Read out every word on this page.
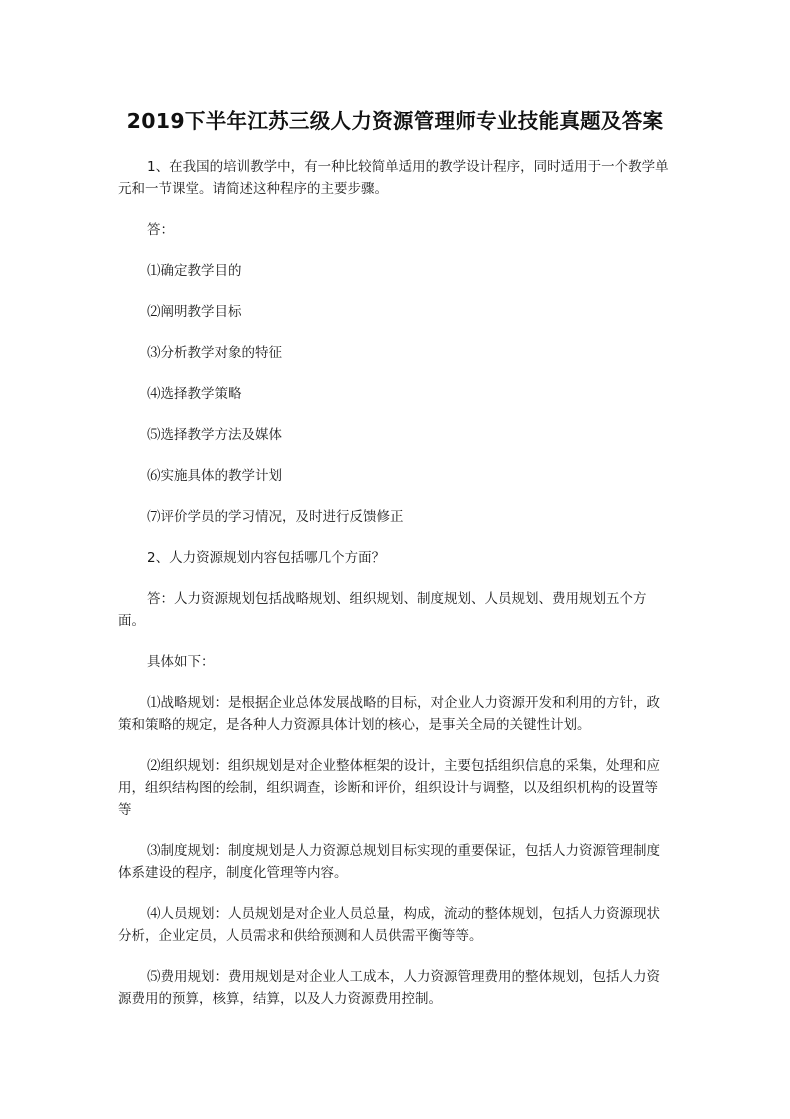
2019下半年江苏三级人力资源管理师专业技能真题及答案

1、在我国的培训教学中，有一种比较简单适用的教学设计程序，同时适用于一个教学单元和一节课堂。请简述这种程序的主要步骤。

答：

⑴确定教学目的

⑵阐明教学目标

⑶分析教学对象的特征

⑷选择教学策略

⑸选择教学方法及媒体

⑹实施具体的教学计划

⑺评价学员的学习情况，及时进行反馈修正

2、人力资源规划内容包括哪几个方面？

答：人力资源规划包括战略规划、组织规划、制度规划、人员规划、费用规划五个方面。

具体如下：

⑴战略规划：是根据企业总体发展战略的目标，对企业人力资源开发和利用的方针，政策和策略的规定，是各种人力资源具体计划的核心，是事关全局的关键性计划。

⑵组织规划：组织规划是对企业整体框架的设计，主要包括组织信息的采集，处理和应用，组织结构图的绘制，组织调查，诊断和评价，组织设计与调整，以及组织机构的设置等等

⑶制度规划：制度规划是人力资源总规划目标实现的重要保证，包括人力资源管理制度体系建设的程序，制度化管理等内容。

⑷人员规划：人员规划是对企业人员总量，构成，流动的整体规划，包括人力资源现状分析，企业定员，人员需求和供给预测和人员供需平衡等等。

⑸费用规划：费用规划是对企业人工成本，人力资源管理费用的整体规划，包括人力资源费用的预算，核算，结算，以及人力资源费用控制。
